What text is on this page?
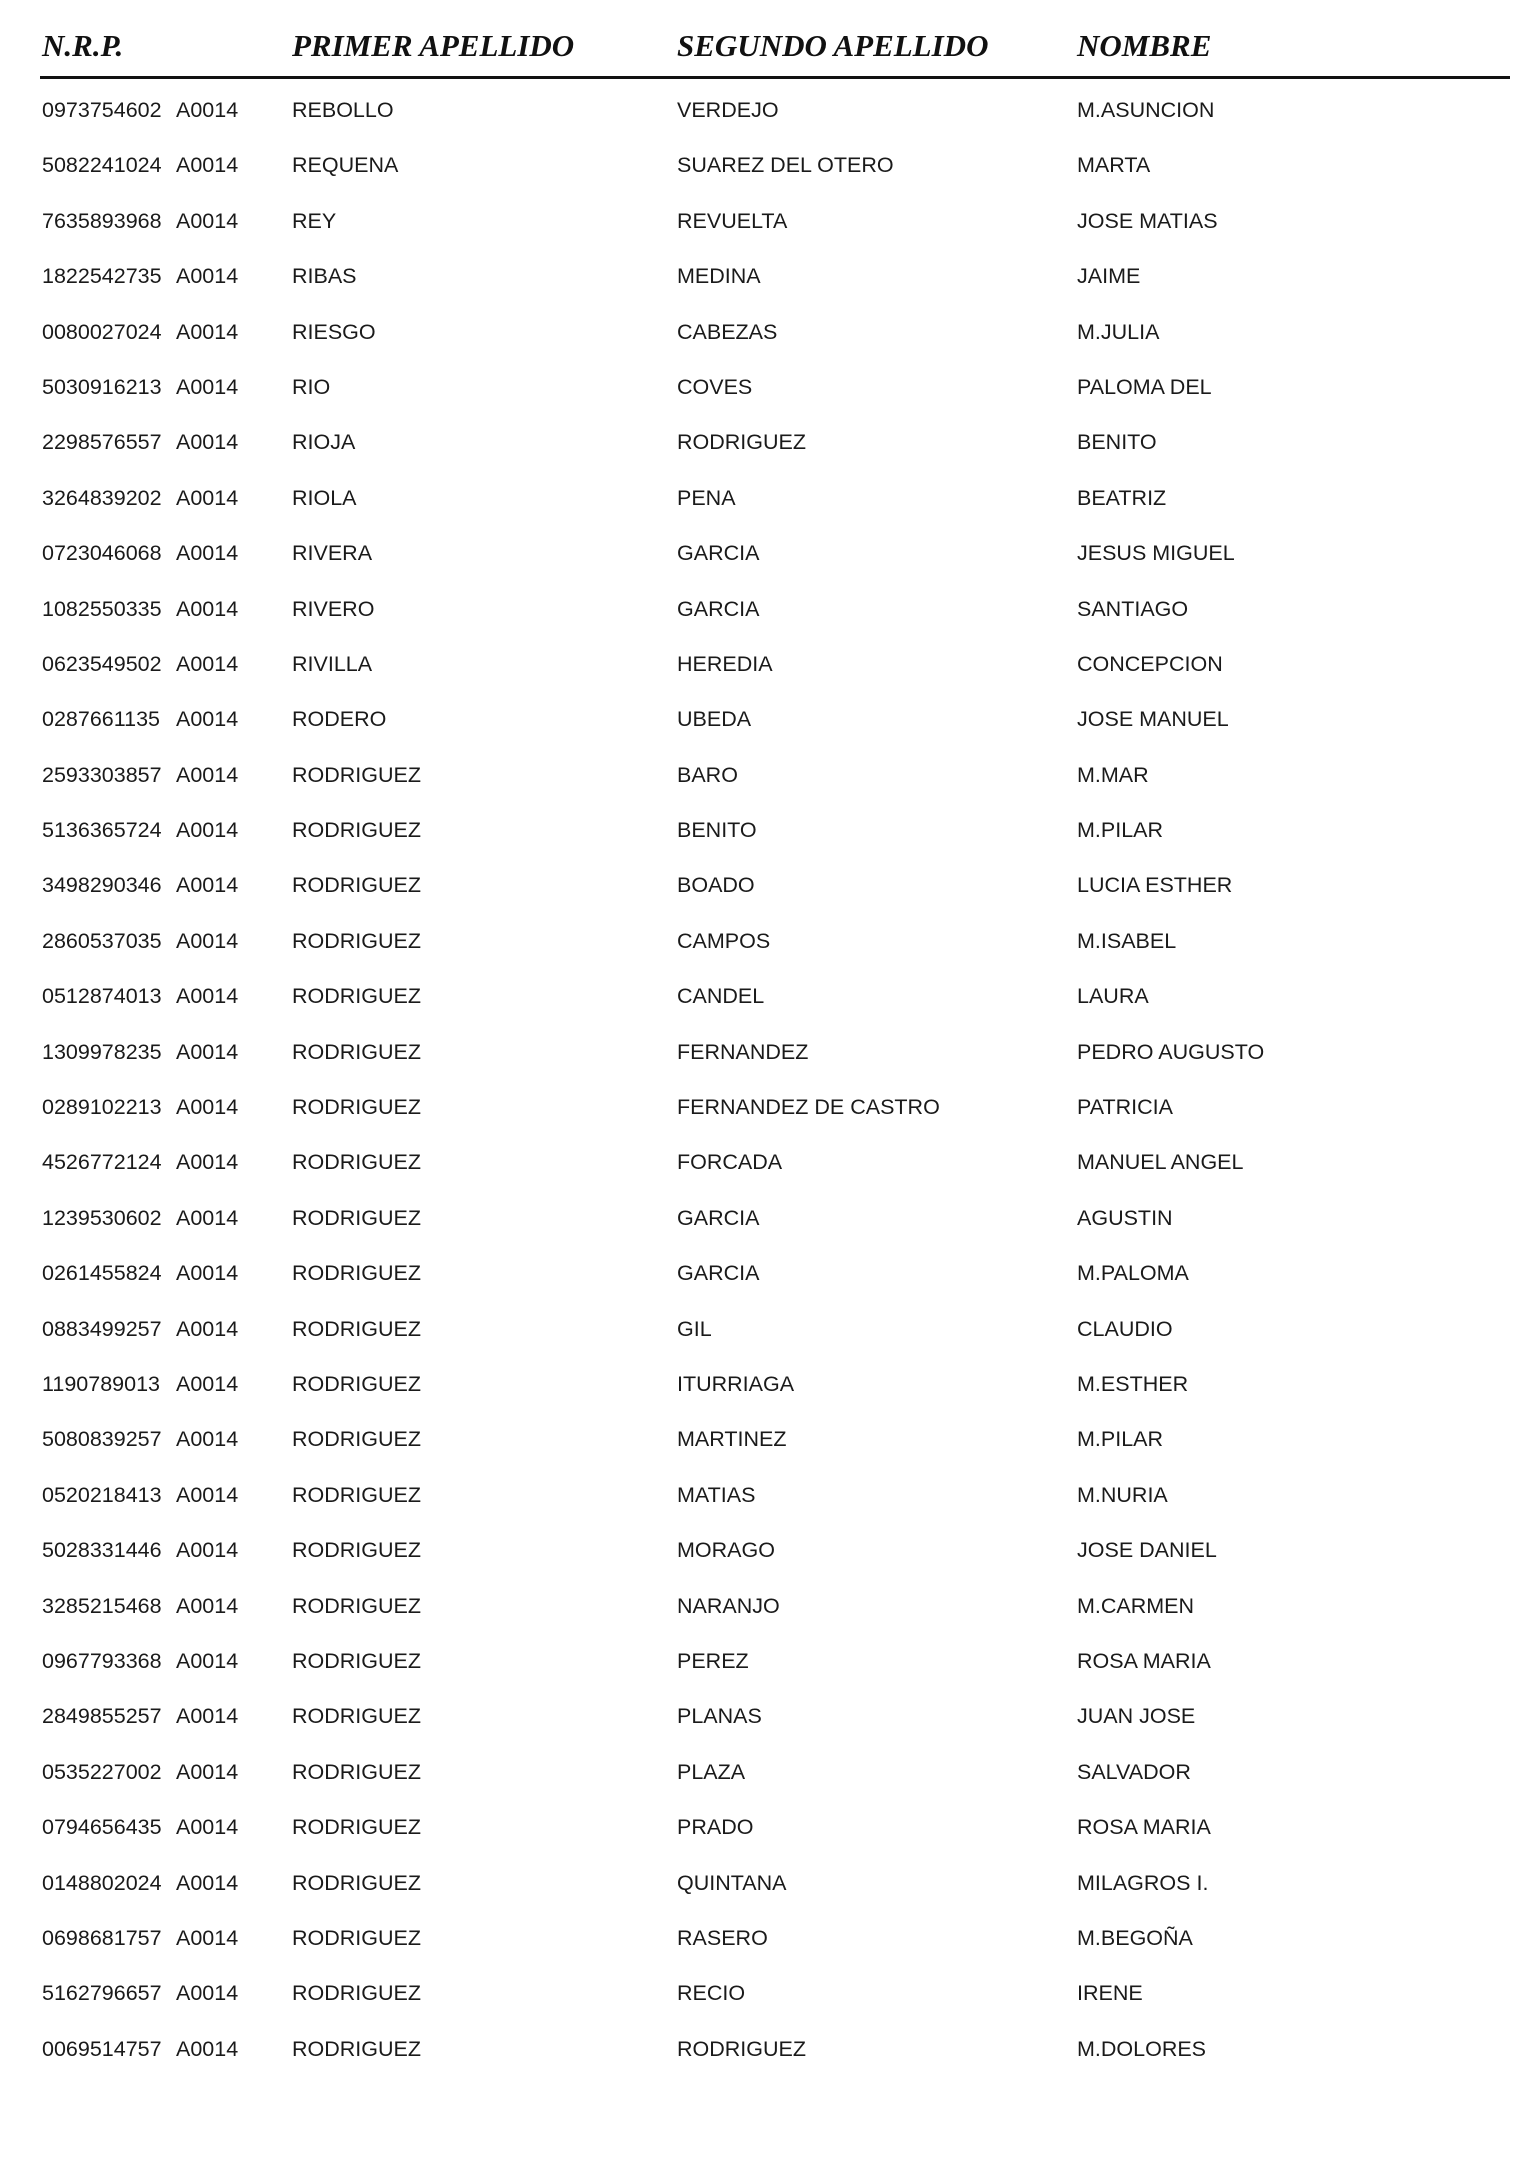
N.R.P.	PRIMER APELLIDO	SEGUNDO APELLIDO	NOMBRE
0973754602 A0014	REBOLLO	VERDEJO	M.ASUNCION
5082241024 A0014	REQUENA	SUAREZ DEL OTERO	MARTA
7635893968 A0014	REY	REVUELTA	JOSE MATIAS
1822542735 A0014	RIBAS	MEDINA	JAIME
0080027024 A0014	RIESGO	CABEZAS	M.JULIA
5030916213 A0014	RIO	COVES	PALOMA DEL
2298576557 A0014	RIOJA	RODRIGUEZ	BENITO
3264839202 A0014	RIOLA	PENA	BEATRIZ
0723046068 A0014	RIVERA	GARCIA	JESUS MIGUEL
1082550335 A0014	RIVERO	GARCIA	SANTIAGO
0623549502 A0014	RIVILLA	HEREDIA	CONCEPCION
0287661135 A0014	RODERO	UBEDA	JOSE MANUEL
2593303857 A0014	RODRIGUEZ	BARO	M.MAR
5136365724 A0014	RODRIGUEZ	BENITO	M.PILAR
3498290346 A0014	RODRIGUEZ	BOADO	LUCIA ESTHER
2860537035 A0014	RODRIGUEZ	CAMPOS	M.ISABEL
0512874013 A0014	RODRIGUEZ	CANDEL	LAURA
1309978235 A0014	RODRIGUEZ	FERNANDEZ	PEDRO AUGUSTO
0289102213 A0014	RODRIGUEZ	FERNANDEZ DE CASTRO	PATRICIA
4526772124 A0014	RODRIGUEZ	FORCADA	MANUEL ANGEL
1239530602 A0014	RODRIGUEZ	GARCIA	AGUSTIN
0261455824 A0014	RODRIGUEZ	GARCIA	M.PALOMA
0883499257 A0014	RODRIGUEZ	GIL	CLAUDIO
1190789013 A0014	RODRIGUEZ	ITURRIAGA	M.ESTHER
5080839257 A0014	RODRIGUEZ	MARTINEZ	M.PILAR
0520218413 A0014	RODRIGUEZ	MATIAS	M.NURIA
5028331446 A0014	RODRIGUEZ	MORAGO	JOSE DANIEL
3285215468 A0014	RODRIGUEZ	NARANJO	M.CARMEN
0967793368 A0014	RODRIGUEZ	PEREZ	ROSA MARIA
2849855257 A0014	RODRIGUEZ	PLANAS	JUAN JOSE
0535227002 A0014	RODRIGUEZ	PLAZA	SALVADOR
0794656435 A0014	RODRIGUEZ	PRADO	ROSA MARIA
0148802024 A0014	RODRIGUEZ	QUINTANA	MILAGROS I.
0698681757 A0014	RODRIGUEZ	RASERO	M.BEGOÑA
5162796657 A0014	RODRIGUEZ	RECIO	IRENE
0069514757 A0014	RODRIGUEZ	RODRIGUEZ	M.DOLORES
